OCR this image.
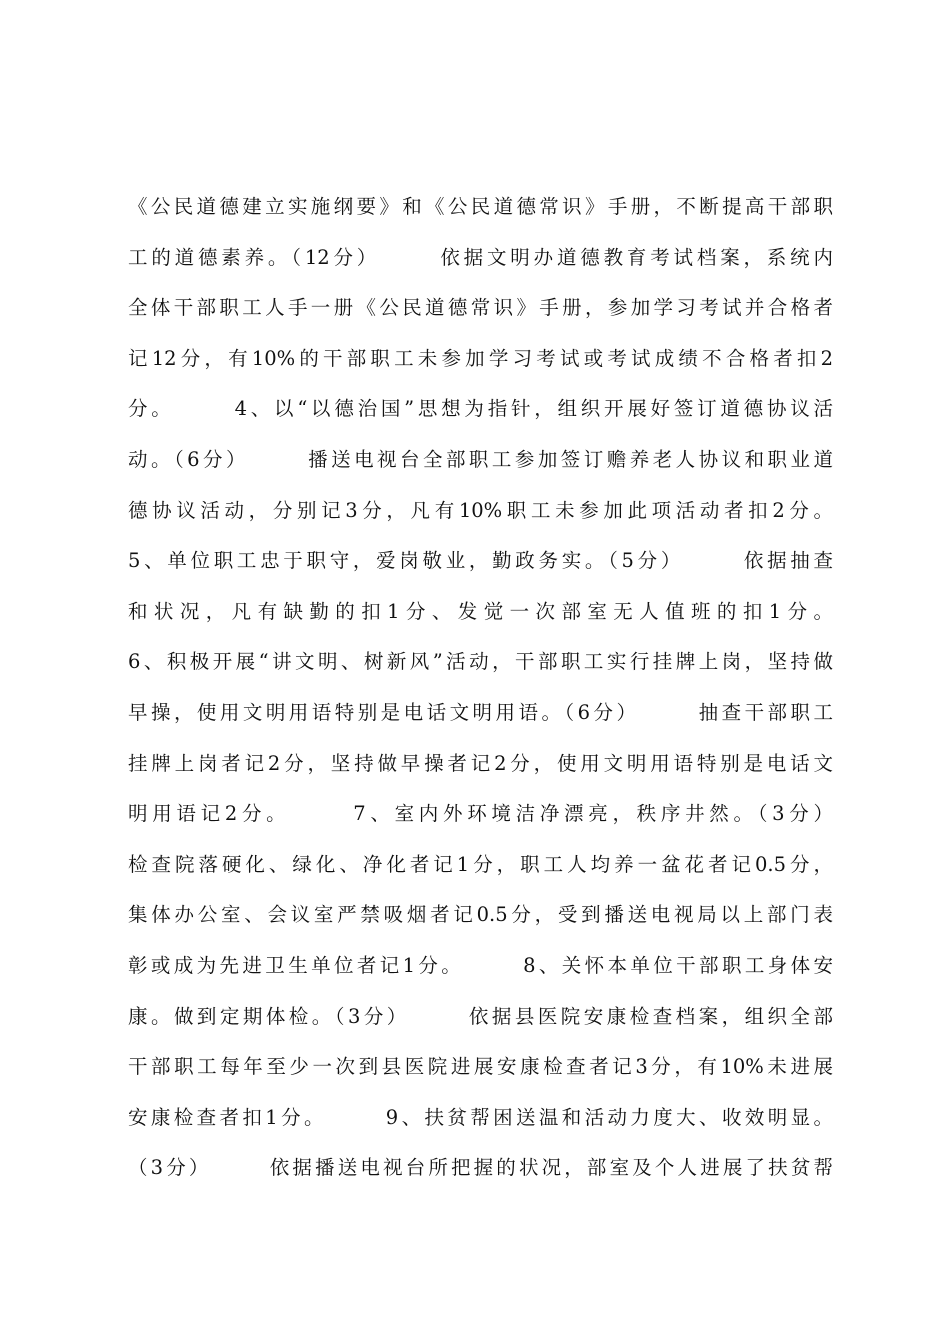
《公民道德建立实施纲要》和《公民道德常识》手册，不断提高干部职
工的道德素养。（12分）　　　依据文明办道德教育考试档案，系统内
全体干部职工人手一册《公民道德常识》手册，参加学习考试并合格者
记12分，有10%的干部职工未参加学习考试或考试成绩不合格者扣2
分。　　　4、以“以德治国”思想为指针，组织开展好签订道德协议活
动。（6分）　　　播送电视台全部职工参加签订赡养老人协议和职业道
德协议活动，分别记3分，凡有10%职工未参加此项活动者扣2分。
5、单位职工忠于职守，爱岗敬业，勤政务实。（5分）　　　依据抽查
和状况，凡有缺勤的扣1分、发觉一次部室无人值班的扣1分。
6、积极开展“讲文明、树新风”活动，干部职工实行挂牌上岗，坚持做
早操，使用文明用语特别是电话文明用语。（6分）　　　抽查干部职工
挂牌上岗者记2分，坚持做早操者记2分，使用文明用语特别是电话文
明用语记2分。　　　7、室内外环境洁净漂亮，秩序井然。（3分）
检查院落硬化、绿化、净化者记1分，职工人均养一盆花者记0.5分，
集体办公室、会议室严禁吸烟者记0.5分，受到播送电视局以上部门表
彰或成为先进卫生单位者记1分。　　　8、关怀本单位干部职工身体安
康。做到定期体检。（3分）　　　依据县医院安康检查档案，组织全部
干部职工每年至少一次到县医院进展安康检查者记3分，有10%未进展
安康检查者扣1分。　　　9、扶贫帮困送温和活动力度大、收效明显。
（3分）　　　依据播送电视台所把握的状况，部室及个人进展了扶贫帮
